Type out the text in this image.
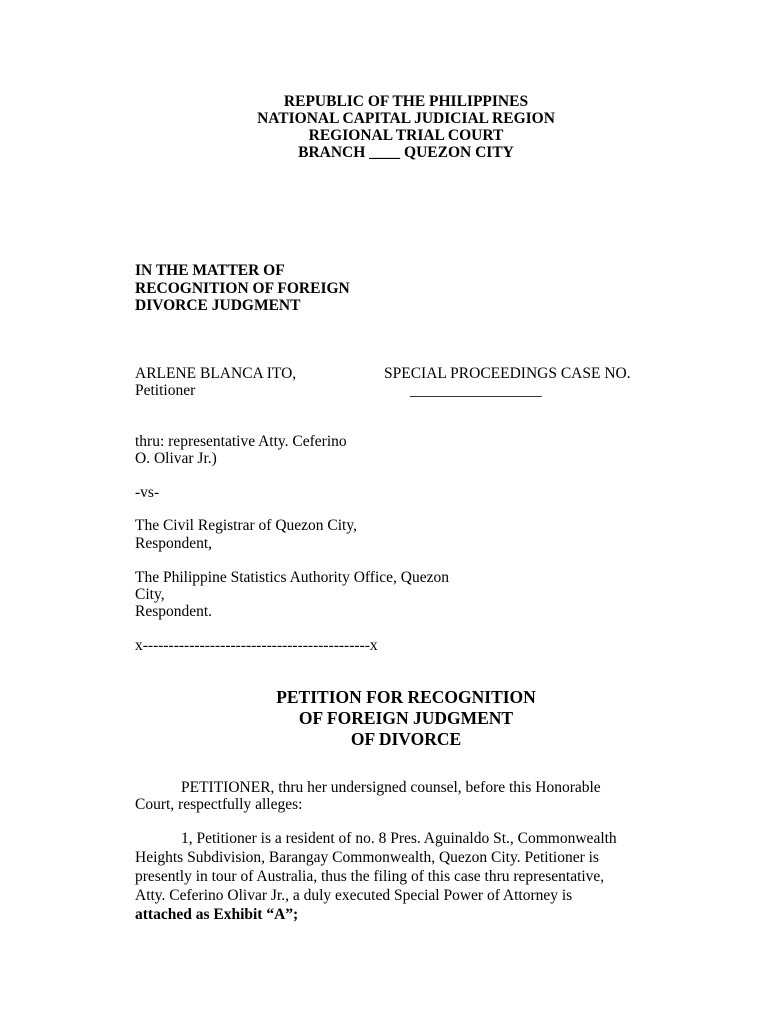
REPUBLIC OF THE PHILIPPINES
NATIONAL CAPITAL JUDICIAL REGION
REGIONAL TRIAL COURT
BRANCH ____ QUEZON CITY
IN THE MATTER OF
RECOGNITION OF FOREIGN
DIVORCE JUDGMENT
ARLENE BLANCA ITO,
Petitioner
SPECIAL PROCEEDINGS CASE NO.
_________________
thru: representative Atty. Ceferino
O. Olivar Jr.)
-vs-
The Civil Registrar of Quezon City,
Respondent,
The Philippine Statistics Authority Office, Quezon
City,
Respondent.
x--------------------------------------------x
PETITION FOR RECOGNITION
OF FOREIGN JUDGMENT
OF DIVORCE
PETITIONER, thru her undersigned counsel, before this Honorable
Court, respectfully alleges:
1, Petitioner is a resident of no. 8 Pres. Aguinaldo St., Commonwealth
Heights Subdivision, Barangay Commonwealth, Quezon City. Petitioner is
presently in tour of Australia, thus the filing of this case thru representative,
Atty. Ceferino Olivar Jr., a duly executed Special Power of Attorney is
attached as Exhibit “A”;
